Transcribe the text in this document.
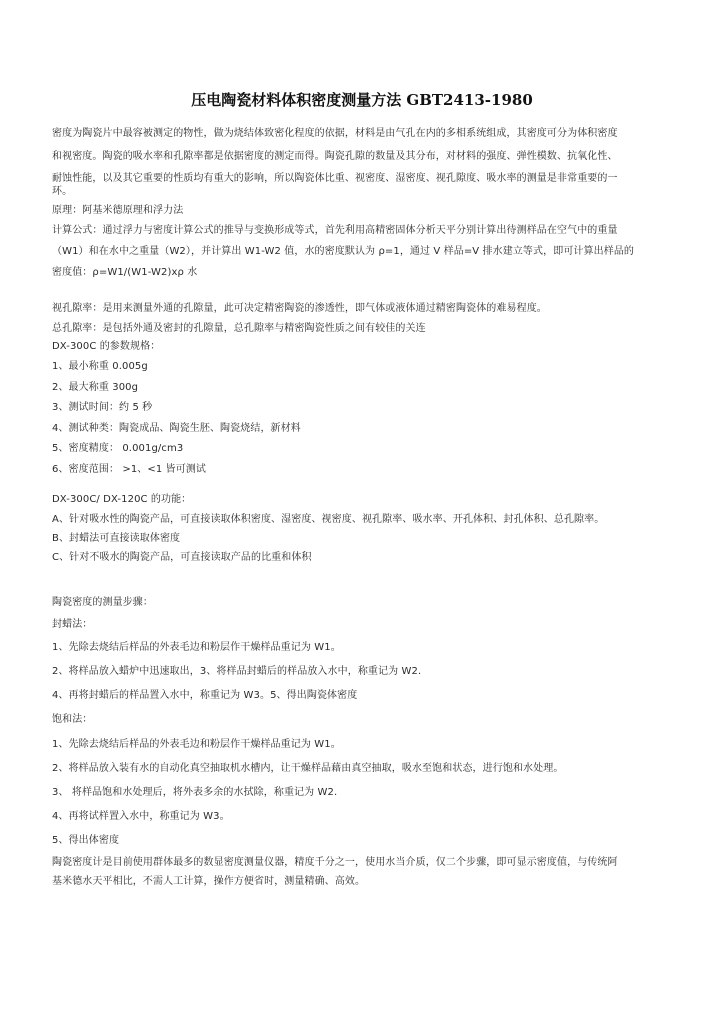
压电陶瓷材料体积密度测量方法 GBT2413-1980
密度为陶瓷片中最容被测定的物性，做为烧结体致密化程度的依据，材料是由气孔在内的多相系统组成，其密度可分为体积密度
和视密度。陶瓷的吸水率和孔隙率都是依据密度的测定而得。陶瓷孔隙的数量及其分布，对材料的强度、弹性模数、抗氧化性、
耐蚀性能，以及其它重要的性质均有重大的影响，所以陶瓷体比重、视密度、湿密度、视孔隙度、吸水率的测量是非常重要的一
环。
原理：阿基米德原理和浮力法
计算公式：通过浮力与密度计算公式的推导与变换形成等式，首先利用高精密固体分析天平分别计算出待测样品在空气中的重量
（W1）和在水中之重量（W2），并计算出 W1-W2 值，水的密度默认为 ρ=1，通过 V 样品=V 排水建立等式，即可计算出样品的
密度值：ρ=W1/(W1-W2)xρ 水
视孔隙率：是用来测量外通的孔隙量，此可决定精密陶瓷的渗透性，即气体或液体通过精密陶瓷体的难易程度。
总孔隙率：是包括外通及密封的孔隙量，总孔隙率与精密陶瓷性质之间有较佳的关连
DX-300C 的参数规格：
1、最小称重 0.005g
2、最大称重 300g
3、测试时间：约 5 秒
4、测试种类：陶瓷成品、陶瓷生胚、陶瓷烧结，新材料
5、密度精度： 0.001g/cm3
6、密度范围： >1、<1 皆可测试
DX-300C/ DX-120C 的功能：
A、针对吸水性的陶瓷产品，可直接读取体积密度、湿密度、视密度、视孔隙率、吸水率、开孔体积、封孔体积、总孔隙率。
B、封蜡法可直接读取体密度
C、针对不吸水的陶瓷产品，可直接读取产品的比重和体积
陶瓷密度的测量步骤：
封蜡法：
1、先除去烧结后样品的外表毛边和粉层作干燥样品重记为 W1。
2、将样品放入蜡炉中迅速取出，3、将样品封蜡后的样品放入水中，称重记为 W2.
4、再将封蜡后的样品置入水中，称重记为 W3。5、得出陶瓷体密度
饱和法：
1、先除去烧结后样品的外表毛边和粉层作干燥样品重记为 W1。
2、将样品放入装有水的自动化真空抽取机水槽内，让干燥样品藉由真空抽取，吸水至饱和状态，进行饱和水处理。
3、 将样品饱和水处理后，将外表多余的水拭除，称重记为 W2.
4、再将试样置入水中，称重记为 W3。
5、得出体密度
陶瓷密度计是目前使用群体最多的数显密度测量仪器，精度千分之一，使用水当介质，仅二个步骤，即可显示密度值，与传统阿
基米德水天平相比，不需人工计算，操作方便省时，测量精确、高效。
